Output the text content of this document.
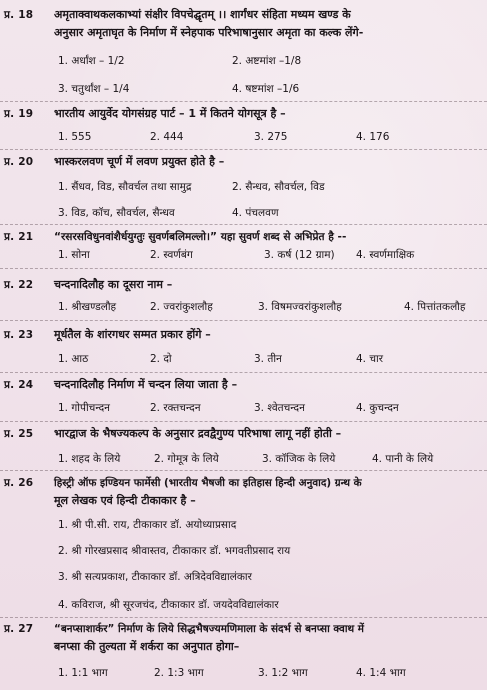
प्र. 18 अमृताक्वाथकलकाभ्यां संक्षीर विपचेद्घृतम् ।। शार्गंधर संहिता मध्यम खण्ड के
अनुसार अमृताघृत के निर्माण में स्नेहपाक परिभाषानुसार अमृता का कल्क लेंगे-
1. अर्धांश – 1/2	2. अष्टमांश –1/8
3. चतुर्थांश – 1/4	4. षष्टमांश –1/6
प्र. 19 भारतीय आयुर्वेद योगसंग्रह पार्ट – 1 में कितने योगसूत्र है –
1. 555	2. 444	3. 275	4. 176
प्र. 20 भास्करलवण चूर्ण में लवण प्रयुक्त होते है –
1. सैंधव, विड, सौवर्चल तथा सामुद्र	2. सैन्धव, सौवर्चल, विड
3. विड, कॉच, सौवर्चल, सैन्धव	4. पंचलवण
प्र. 21 “रसरसविधुनवांशैर्धयुग्तुः सुवर्णबलिमल्लो।” यहा सुवर्ण शब्द से अभिप्रेत है --
1. सोना	2. स्वर्णबंग	3. कर्ष (12 ग्राम) 4. स्वर्णमाक्षिक
प्र. 22 चन्दनादिलौह का दूसरा नाम –
1. श्रीखण्डलौह	2. ज्वरांकुशलौह	3. विषमज्वरांकुशलौह	4. पित्तांतकलौह
प्र. 23 मूर्धतैल के शांरगधर सम्मत प्रकार होंगे –
1. आठ	2. दो	3. तीन	4. चार
प्र. 24 चन्दनादिलौह निर्माण में चन्दन लिया जाता है –
1. गोपीचन्दन	2. रक्तचन्दन	3. श्वेतचन्दन	4. कुचन्दन
प्र. 25 भारद्वाज के भैषज्यकल्प के अनुसार द्रवद्वैगुण्य परिभाषा लागू नहीं होती –
1. शहद के लिये	2. गोमूत्र के लिये	3. कॉजिक के लिये	4. पानी के लिये
प्र. 26 हिस्ट्री ऑफ इण्डियन फार्मेसी (भारतीय भैषजी का इतिहास हिन्दी अनुवाद) ग्रन्थ के
मूल लेखक एवं हिन्दी टीकाकार है –
1. श्री पी.सी. राय, टीकाकार डॉ. अयोध्याप्रसाद
2. श्री गोरखप्रसाद श्रीवास्तव, टीकाकार डॉ. भगवतीप्रसाद राय
3. श्री सत्यप्रकाश, टीकाकार डॉ. अत्रिदेवविद्यालंकार
4. कविराज, श्री सूरजचंद, टीकाकार डॉ. जयदेवविद्यालंकार
प्र. 27 “बनप्साशार्कर” निर्माण के लिये सिद्धभैषज्यमणिमाला के संदर्भ से बनप्सा क्वाथ में
बनप्सा की तुल्यता में शर्करा का अनुपात होगा–
1. 1:1 भाग	2. 1:3 भाग	3. 1:2 भाग	4. 1:4 भाग
